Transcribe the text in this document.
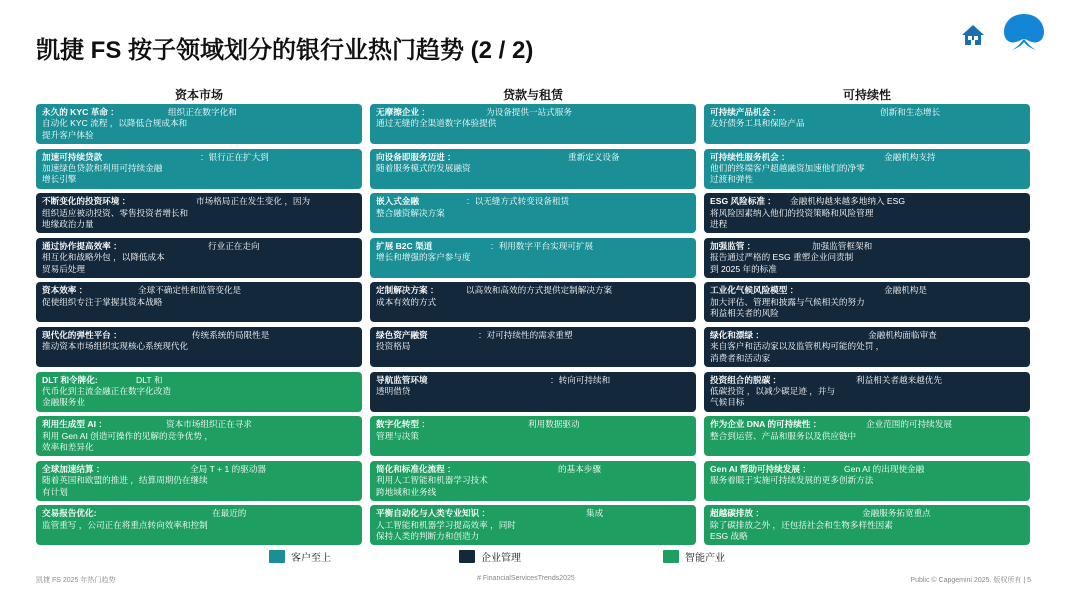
凯捷 FS 按子领域划分的银行业热门趋势 (2 / 2)
资本市场
永久的 KYC 革命 ：	组织正在数字化和
自动化 KYC 流程 ，以降低合规成本和
提升客户体验
加速可持续贷款	：银行正在扩大到
加速绿色贷款和利用可持续金融
增长引擎
不断变化的投资环境 ：	市场格局正在发生变化 ，因为
组织适应被动投资、零售投资者增长和
地缘政治力量
通过协作提高效率 ：	行业正在走向
相互化和战略外包 ，以降低成本
贸易后处理
资本效率 ：	全球不确定性和监管变化是
促使组织专注于掌握其资本战略
现代化的弹性平台 ：	传统系统的局限性是
推动资本市场组织实现核心系统现代化
DLT 和令牌化:	DLT 和
代币化到主流金融正在数字化改造
金融服务业
利用生成型 AI ：	资本市场组织正在寻求
利用 Gen AI 创造可操作的见解的竞争优势 ，
效率和差异化
全球加速结算 ：	全局 T + 1 的驱动器
随着英国和欧盟的推进 ，结算周期仍在继续
有计划
交易报告优化:	在最近的
监管重写 ，公司正在将重点转向效率和控制
贷款与租赁
无摩擦企业 ：	为设备提供一站式服务
通过无缝的全渠道数字体验提供
向设备即服务迈进 ：	重新定义设备
随着服务模式的发展融资
嵌入式金融	：以无缝方式转变设备租赁
整合融资解决方案
扩展 B2C 渠道	：利用数字平台实现可扩展
增长和增强的客户参与度
定制解决方案 ：	以高效和高效的方式提供定制解决方案
成本有效的方式
绿色资产融资	：对可持续性的需求重塑
投资格局
导航监管环境	：转向可持续和
透明借贷
数字化转型 ：	利用数据驱动
管理与决策
简化和标准化流程 ：	的基本步骤
利用人工智能和机器学习技术
跨地域和业务线
平衡自动化与人类专业知识 ：	集成
人工智能和机器学习提高效率 ，同时
保持人类的判断力和创造力
可持续性
可持续产品机会 ：	创新和生态增长
友好债务工具和保险产品
可持续性服务机会 ：	金融机构支持
他们的终端客户超越融资加速他们的净零
过渡和弹性
ESG 风险标准 ： 金融机构越来越多地纳入 ESG
将风险因素纳入他们的投资策略和风险管理
进程
加强监管 ：	加强监管框架和
报告通过严格的 ESG 重塑企业问责制
到 2025 年的标准
工业化气候风险模型 ：	金融机构是
加大评估、管理和披露与气候相关的努力
利益相关者的风险
绿化和漂绿 ：	金融机构面临审查
来自客户和活动家以及监管机构可能的处罚 ，
消费者和活动家
投资组合的脱碳 ：	利益相关者越来越优先
低碳投资 ，以减少碳足迹 ，并与
气候目标
作为企业 DNA 的可持续性 ：	企业范围的可持续发展
整合到运营、产品和服务以及供应链中
Gen AI 帮助可持续发展 ：	Gen AI 的出现使金融
服务着眼于实施可持续发展的更多创新方法
超越碳排放 ：	金融服务拓宽重点
除了碳排放之外 ，还包括社会和生物多样性因素
ESG 战略
客户至上	企业管理	智能产业
凯捷 FS 2025 年热门趋势	# FinancialServicesTrends2025	Public © Capgemini 2025. 版权所有 | 5
